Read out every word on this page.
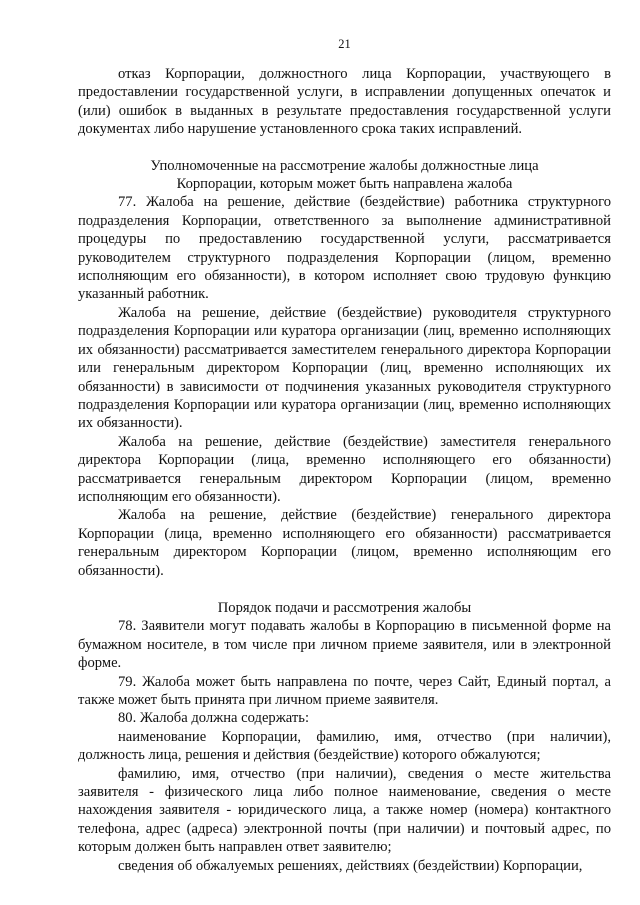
21

отказ Корпорации, должностного лица Корпорации, участвующего в предоставлении государственной услуги, в исправлении допущенных опечаток и (или) ошибок в выданных в результате предоставления государственной услуги документах либо нарушение установленного срока таких исправлений.

Уполномоченные на рассмотрение жалобы должностные лица

Корпорации, которым может быть направлена жалоба

77. Жалоба на решение, действие (бездействие) работника структурного подразделения Корпорации, ответственного за выполнение административной процедуры по предоставлению государственной услуги, рассматривается руководителем структурного подразделения Корпорации (лицом, временно исполняющим его обязанности), в котором исполняет свою трудовую функцию указанный работник.

Жалоба на решение, действие (бездействие) руководителя структурного подразделения Корпорации или куратора организации (лиц, временно исполняющих их обязанности) рассматривается заместителем генерального директора Корпорации или генеральным директором Корпорации (лиц, временно исполняющих их обязанности) в зависимости от подчинения указанных руководителя структурного подразделения Корпорации или куратора организации (лиц, временно исполняющих их обязанности).

Жалоба на решение, действие (бездействие) заместителя генерального директора Корпорации (лица, временно исполняющего его обязанности) рассматривается генеральным директором Корпорации (лицом, временно исполняющим его обязанности).

Жалоба на решение, действие (бездействие) генерального директора Корпорации (лица, временно исполняющего его обязанности) рассматривается генеральным директором Корпорации (лицом, временно исполняющим его обязанности).

Порядок подачи и рассмотрения жалобы

78. Заявители могут подавать жалобы в Корпорацию в письменной форме на бумажном носителе, в том числе при личном приеме заявителя, или в электронной форме.

79. Жалоба может быть направлена по почте, через Сайт, Единый портал, а также может быть принята при личном приеме заявителя.

80. Жалоба должна содержать:

наименование Корпорации, фамилию, имя, отчество (при наличии), должность лица, решения и действия (бездействие) которого обжалуются;

фамилию, имя, отчество (при наличии), сведения о месте жительства заявителя - физического лица либо полное наименование, сведения о месте нахождения заявителя - юридического лица, а также номер (номера) контактного телефона, адрес (адреса) электронной почты (при наличии) и почтовый адрес, по которым должен быть направлен ответ заявителю;

сведения об обжалуемых решениях, действиях (бездействии) Корпорации,
